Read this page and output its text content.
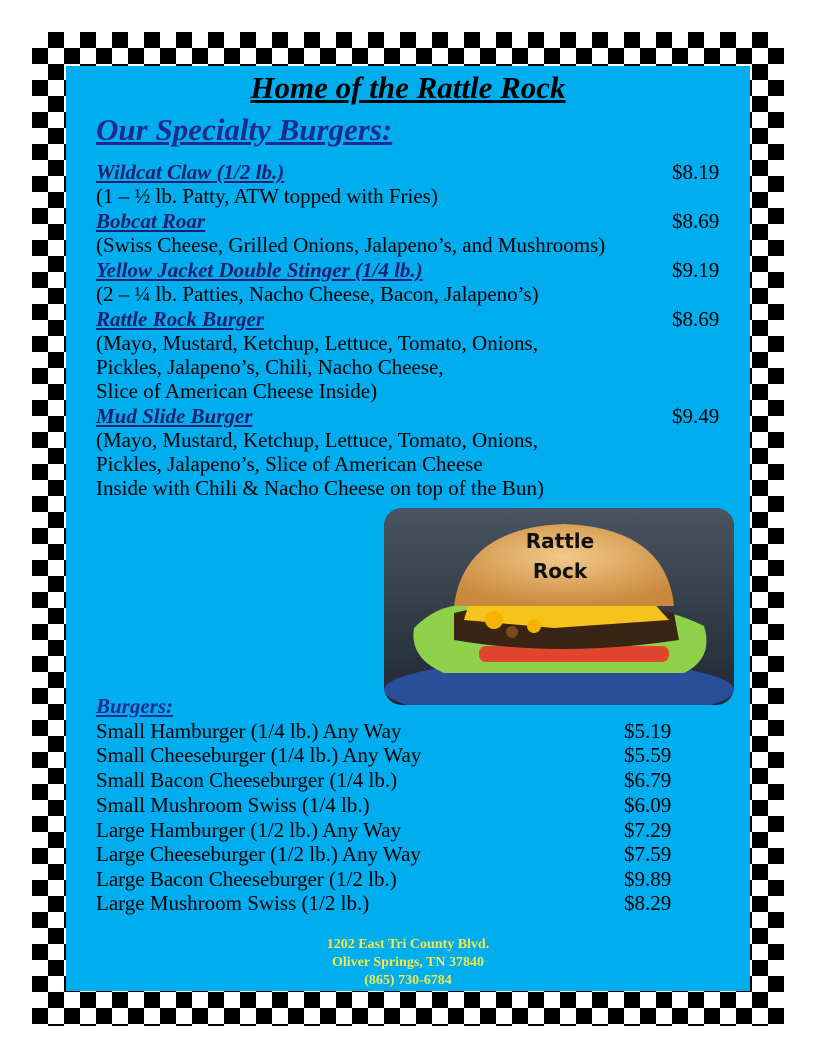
Home of the Rattle Rock
Our Specialty Burgers:
Wildcat Claw (1/2 lb.)	$8.19
(1 – ½ lb. Patty, ATW topped with Fries)
Bobcat Roar	$8.69
(Swiss Cheese, Grilled Onions, Jalapeno’s, and Mushrooms)
Yellow Jacket Double Stinger (1/4 lb.)	$9.19
(2 – ¼ lb. Patties, Nacho Cheese, Bacon, Jalapeno’s)
Rattle Rock Burger	$8.69
(Mayo, Mustard, Ketchup, Lettuce, Tomato, Onions,
Pickles, Jalapeno’s, Chili, Nacho Cheese,
Slice of American Cheese Inside)
Mud Slide Burger	$9.49
(Mayo, Mustard, Ketchup, Lettuce, Tomato, Onions,
Pickles, Jalapeno’s, Slice of American Cheese
Inside with Chili & Nacho Cheese on top of the Bun)
Rattle
Rock
Burgers:
Small Hamburger (1/4 lb.) Any Way	$5.19
Small Cheeseburger (1/4 lb.) Any Way	$5.59
Small Bacon Cheeseburger (1/4 lb.)	$6.79
Small Mushroom Swiss (1/4 lb.)	$6.09
Large Hamburger (1/2 lb.) Any Way	$7.29
Large Cheeseburger (1/2 lb.) Any Way	$7.59
Large Bacon Cheeseburger (1/2 lb.)	$9.89
Large Mushroom Swiss (1/2 lb.)	$8.29
1202 East Tri County Blvd.
Oliver Springs, TN 37840
(865) 730-6784
